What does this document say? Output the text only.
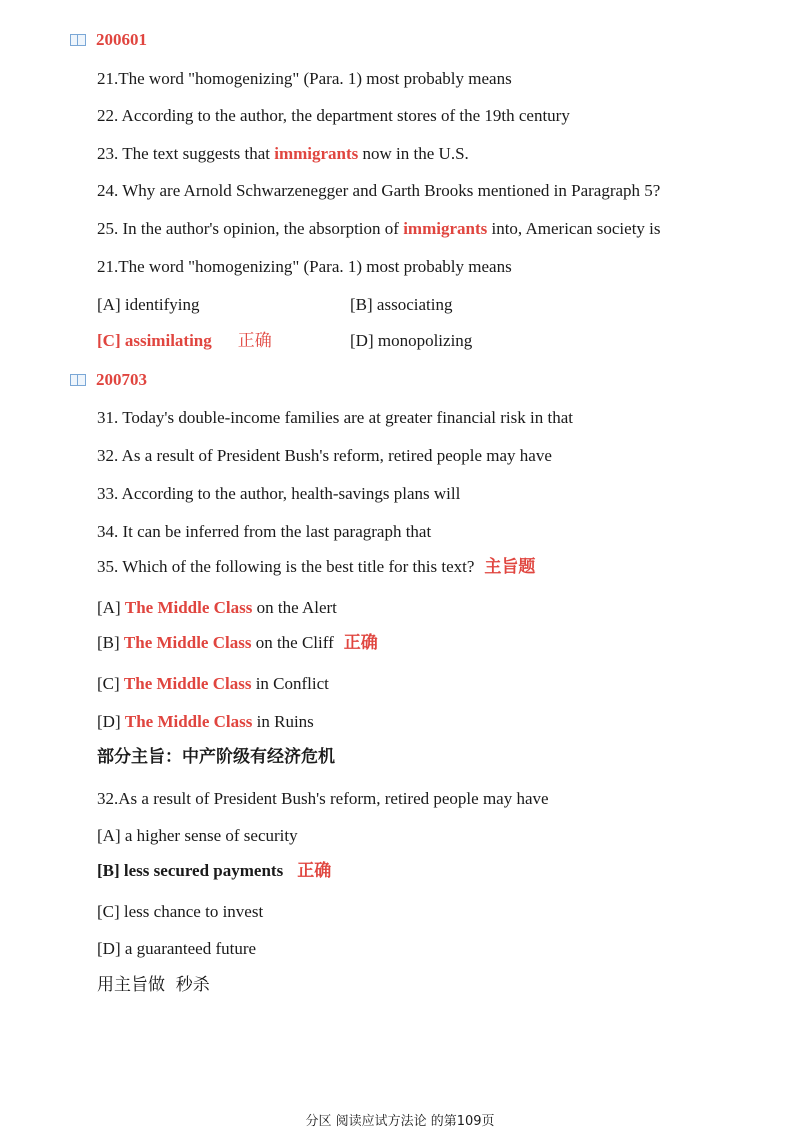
200601
21.The word "homogenizing" (Para. 1) most probably means
22. According to the author, the department stores of the 19th century
23. The text suggests that immigrants now in the U.S.
24. Why are Arnold Schwarzenegger and Garth Brooks mentioned in Paragraph 5?
25. In the author's opinion, the absorption of immigrants into, American society is
21.The word "homogenizing" (Para. 1) most probably means
[A] identifying	[B] associating
[C] assimilating 正确	[D] monopolizing
200703
31. Today's double-income families are at greater financial risk in that
32. As a result of President Bush's reform, retired people may have
33. According to the author, health-savings plans will
34. It can be inferred from the last paragraph that
35. Which of the following is the best title for this text? 主旨题
[A] The Middle Class on the Alert
[B] The Middle Class on the Cliff 正确
[C] The Middle Class in Conflict
[D] The Middle Class in Ruins
部分主旨：中产阶级有经济危机
32.As a result of President Bush's reform, retired people may have
[A] a higher sense of security
[B] less secured payments 正确
[C] less chance to invest
[D] a guaranteed future
用主旨做  秒杀
分区 阅读应试方法论 的第109页
